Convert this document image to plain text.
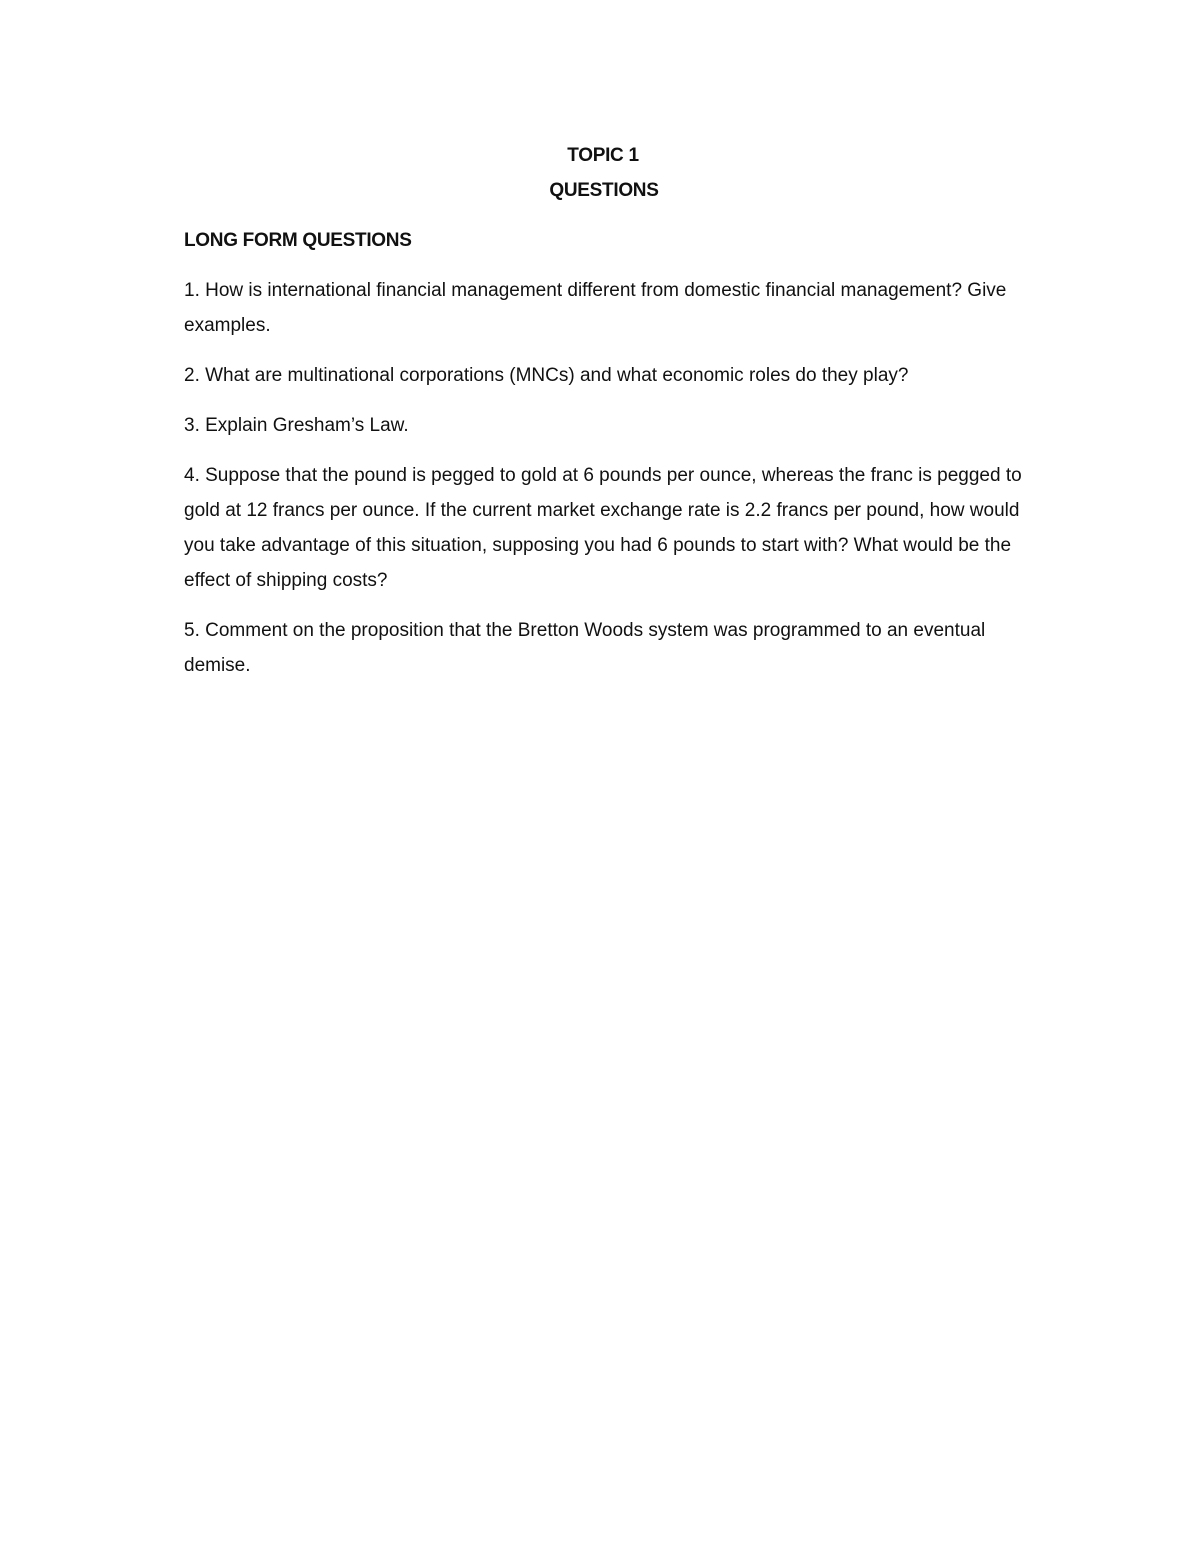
TOPIC 1
QUESTIONS
LONG FORM QUESTIONS
1. How is international financial management different from domestic financial management? Give examples.
2. What are multinational corporations (MNCs) and what economic roles do they play?
3. Explain Gresham’s Law.
4. Suppose that the pound is pegged to gold at 6 pounds per ounce, whereas the franc is pegged to gold at 12 francs per ounce. If the current market exchange rate is 2.2 francs per pound, how would you take advantage of this situation, supposing you had 6 pounds to start with? What would be the effect of shipping costs?
5. Comment on the proposition that the Bretton Woods system was programmed to an eventual demise.
